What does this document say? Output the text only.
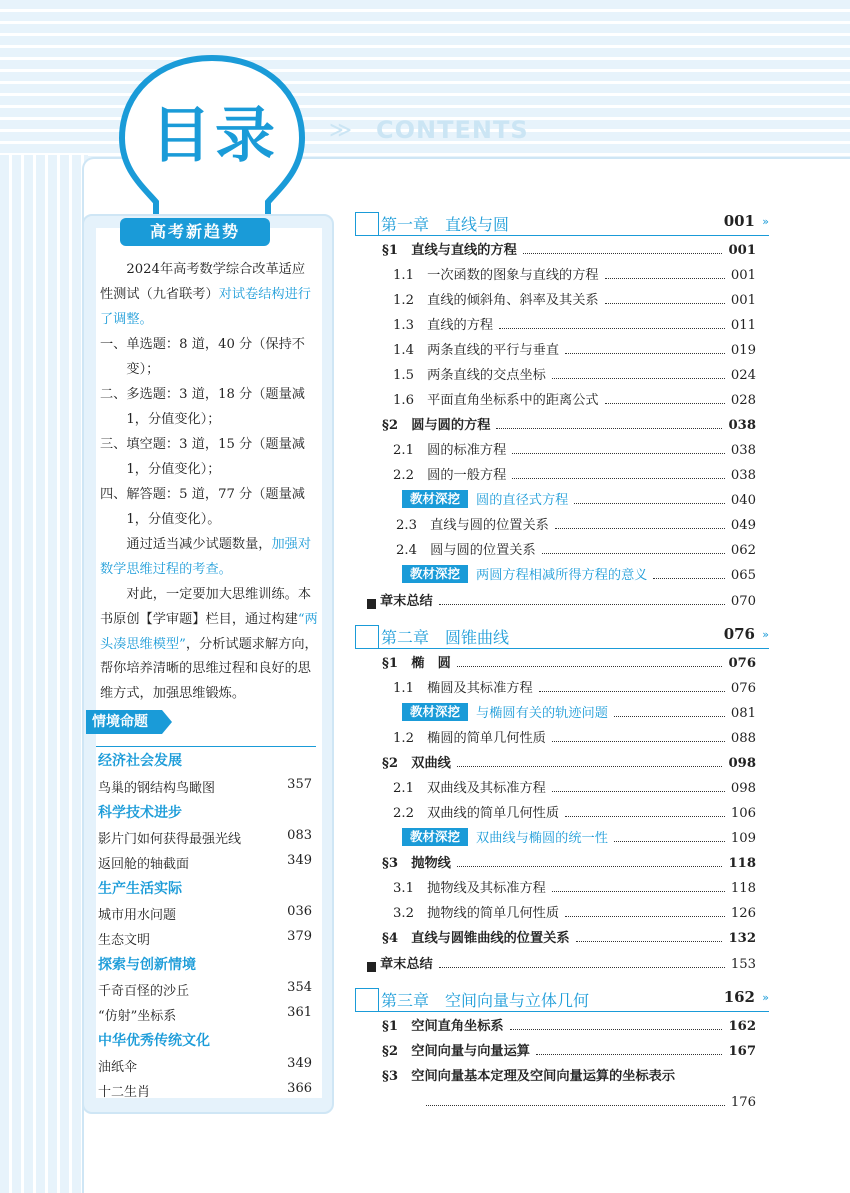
目录	≫ CONTENTS
高考新趋势
2024年高考数学综合改革适应性测试（九省联考）对试卷结构进行了调整。
一、单选题：8 道，40 分（保持不变）；
二、多选题：3 道，18 分（题量减 1，分值变化）；
三、填空题：3 道，15 分（题量减 1，分值变化）；
四、解答题：5 道，77 分（题量减 1，分值变化）。
通过适当减少试题数量，加强对数学思维过程的考查。
对此，一定要加大思维训练。本书原创【学审题】栏目，通过构建“两头凑思维模型”，分析试题求解方向，帮你培养清晰的思维过程和良好的思维方式，加强思维锻炼。
情境命题
经济社会发展
鸟巢的钢结构鸟瞰图	357
科学技术进步
影片门如何获得最强光线	083
返回舱的轴截面	349
生产生活实际
城市用水问题	036
生态文明	379
探索与创新情境
千奇百怪的沙丘	354
“仿射”坐标系	361
中华优秀传统文化
油纸伞	349
十二生肖	366
第一章　直线与圆	001 »
§1　直线与直线的方程	001
1.1　一次函数的图象与直线的方程	001
1.2　直线的倾斜角、斜率及其关系	001
1.3　直线的方程	011
1.4　两条直线的平行与垂直	019
1.5　两条直线的交点坐标	024
1.6　平面直角坐标系中的距离公式	028
§2　圆与圆的方程	038
2.1　圆的标准方程	038
2.2　圆的一般方程	038
教材深挖	圆的直径式方程	040
2.3　直线与圆的位置关系	049
2.4　圆与圆的位置关系	062
教材深挖	两圆方程相减所得方程的意义	065
章末总结	070
第二章　圆锥曲线	076 »
§1　椭　圆	076
1.1　椭圆及其标准方程	076
教材深挖	与椭圆有关的轨迹问题	081
1.2　椭圆的简单几何性质	088
§2　双曲线	098
2.1　双曲线及其标准方程	098
2.2　双曲线的简单几何性质	106
教材深挖	双曲线与椭圆的统一性	109
§3　抛物线	118
3.1　抛物线及其标准方程	118
3.2　抛物线的简单几何性质	126
§4　直线与圆锥曲线的位置关系	132
章末总结	153
第三章　空间向量与立体几何	162 »
§1　空间直角坐标系	162
§2　空间向量与向量运算	167
§3　空间向量基本定理及空间向量运算的坐标表示
176
